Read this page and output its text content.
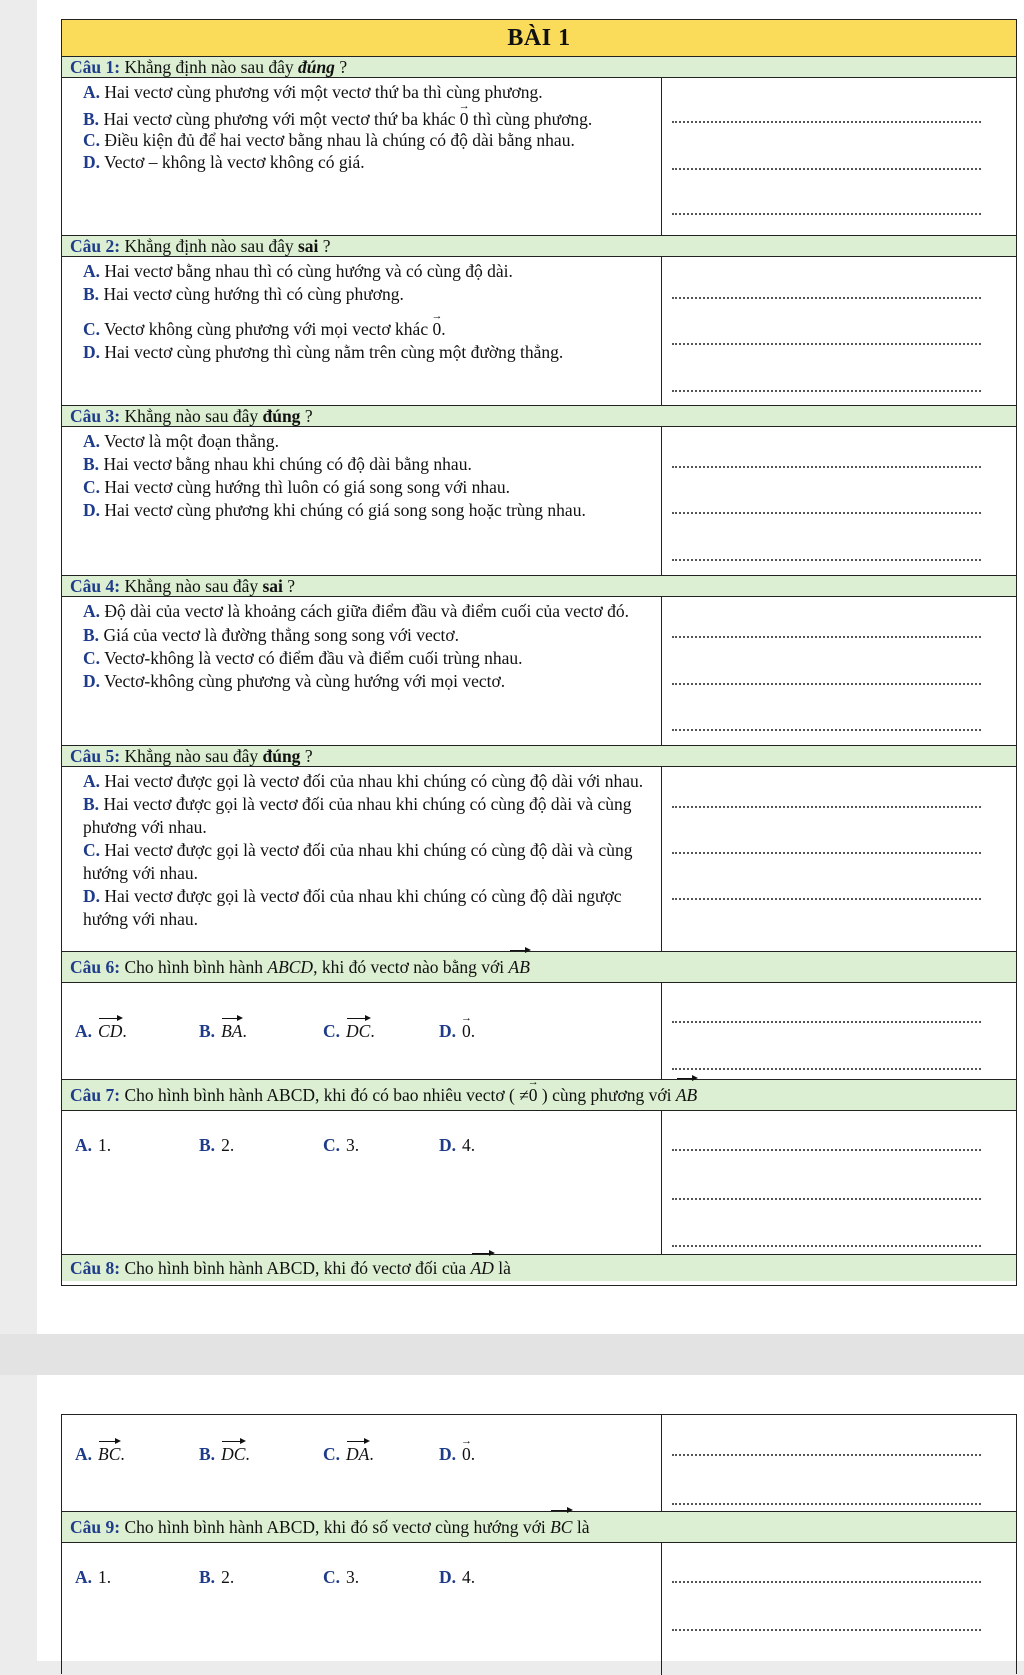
BÀI 1
Câu 1: Khẳng định nào sau đây đúng ?
A. Hai vectơ cùng phương với một vectơ thứ ba thì cùng phương.
B. Hai vectơ cùng phương với một vectơ thứ ba khác → 0 thì cùng phương.
C. Điều kiện đủ để hai vectơ bằng nhau là chúng có độ dài bằng nhau.
D. Vectơ – không là vectơ không có giá.
Câu 2: Khẳng định nào sau đây sai ?
A. Hai vectơ bằng nhau thì có cùng hướng và có cùng độ dài.
B. Hai vectơ cùng hướng thì có cùng phương.
C. Vectơ không cùng phương với mọi vectơ khác → 0.
D. Hai vectơ cùng phương thì cùng nằm trên cùng một đường thẳng.
Câu 3: Khẳng nào sau đây đúng ?
A. Vectơ là một đoạn thẳng.
B. Hai vectơ bằng nhau khi chúng có độ dài bằng nhau.
C. Hai vectơ cùng hướng thì luôn có giá song song với nhau.
D. Hai vectơ cùng phương khi chúng có giá song song hoặc trùng nhau.
Câu 4: Khẳng nào sau đây sai ?
A. Độ dài của vectơ là khoảng cách giữa điểm đầu và điểm cuối của vectơ đó.
B. Giá của vectơ là đường thẳng song song với vectơ.
C. Vectơ-không là vectơ có điểm đầu và điểm cuối trùng nhau.
D. Vectơ-không cùng phương và cùng hướng với mọi vectơ.
Câu 5: Khẳng nào sau đây đúng ?
A. Hai vectơ được gọi là vectơ đối của nhau khi chúng có cùng độ dài với nhau.
B. Hai vectơ được gọi là vectơ đối của nhau khi chúng có cùng độ dài và cùng phương với nhau.
C. Hai vectơ được gọi là vectơ đối của nhau khi chúng có cùng độ dài và cùng hướng với nhau.
D. Hai vectơ được gọi là vectơ đối của nhau khi chúng có cùng độ dài ngược hướng với nhau.
Câu 6: Cho hình bình hành ABCD, khi đó vectơ nào bằng với AB
A. CD.	B. BA.	C. DC.	D. → 0.
Câu 7: Cho hình bình hành ABCD, khi đó có bao nhiêu vectơ ( ≠→ 0 ) cùng phương với AB
A. 1.	B. 2.	C. 3.	D. 4.
Câu 8: Cho hình bình hành ABCD, khi đó vectơ đối của AD là
A. BC.	B. DC.	C. DA.	D. → 0.
Câu 9: Cho hình bình hành ABCD, khi đó số vectơ cùng hướng với BC là
A. 1.	B. 2.	C. 3.	D. 4.
